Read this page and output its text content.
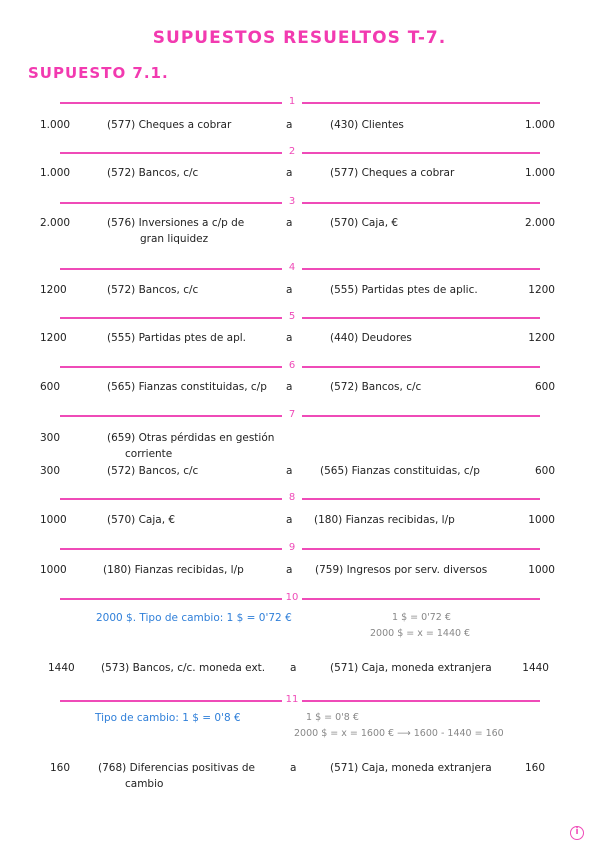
SUPUESTOS RESUELTOS T-7.
SUPUESTO 7.1.
1
1.000	(577) Cheques a cobrar	a	(430) Clientes	1.000
2
1.000	(572) Bancos, c/c	a	(577) Cheques a cobrar	1.000
3
2.000	(576) Inversiones a c/p de
gran liquidez
a	(570) Caja, €	2.000
4
1200	(572) Bancos, c/c	a	(555) Partidas ptes de aplic.	1200
5
1200	(555) Partidas ptes de apl.	a	(440) Deudores	1200
6
600	(565) Fianzas constituidas, c/p a	(572) Bancos, c/c	600
7
300	(659) Otras pérdidas en gestión
corriente
300	(572) Bancos, c/c	a	(565) Fianzas constituidas, c/p	600
8
1000	(570) Caja, €	a (180) Fianzas recibidas, l/p	1000
9
1000	(180) Fianzas recibidas, l/p	a (759) Ingresos por serv. diversos	1000
10
2000 $. Tipo de cambio: 1 $ = 0'72 €	1 $ = 0'72 €
2000 $ = x = 1440 €
1440	(573) Bancos, c/c. moneda ext. a	(571) Caja, moneda extranjera	1440
11
Tipo de cambio: 1 $ = 0'8 €	1 $ = 0'8 €
2000 $ = x = 1600 € ⟶ 1600 - 1440 = 160
160	(768) Diferencias positivas de
cambio
a	(571) Caja, moneda extranjera	160
i
